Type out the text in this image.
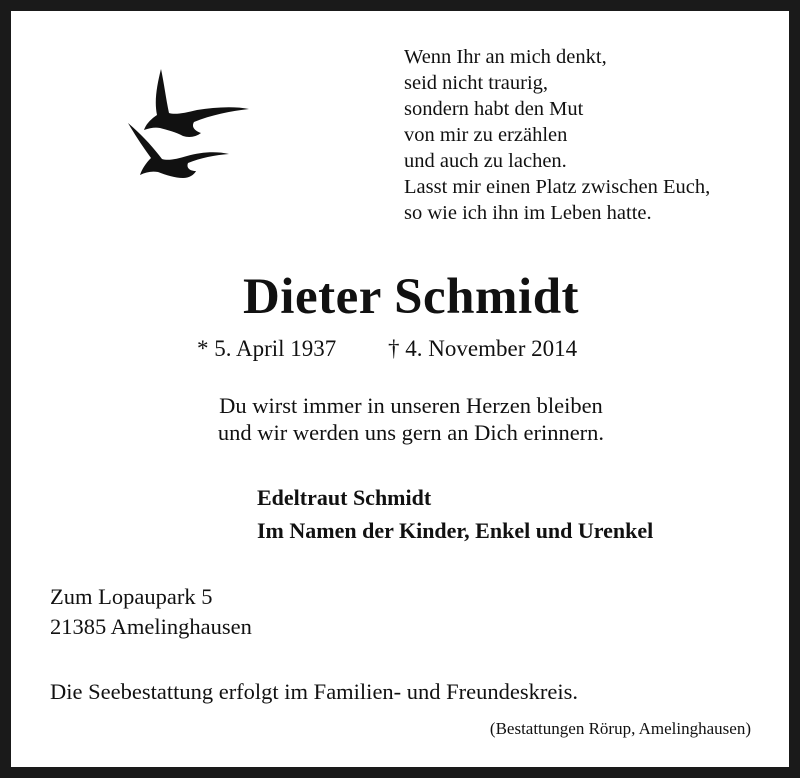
Wenn Ihr an mich denkt,
seid nicht traurig,
sondern habt den Mut
von mir zu erzählen
und auch zu lachen.
Lasst mir einen Platz zwischen Euch,
so wie ich ihn im Leben hatte.
Dieter Schmidt
* 5. April 1937 † 4. November 2014
Du wirst immer in unseren Herzen bleiben
und wir werden uns gern an Dich erinnern.
Edeltraut Schmidt
Im Namen der Kinder, Enkel und Urenkel
Zum Lopaupark 5
21385 Amelinghausen
Die Seebestattung erfolgt im Familien- und Freundeskreis.
(Bestattungen Rörup, Amelinghausen)
